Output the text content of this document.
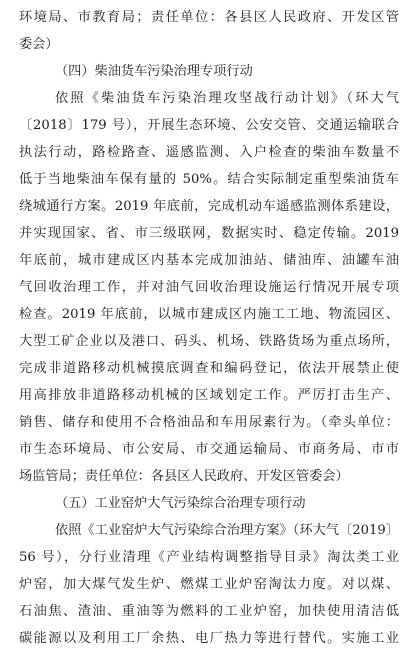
环境局、市教育局；责任单位：各县区人民政府、开发区管
委会）
（四）柴油货车污染治理专项行动
依照《柴油货车污染治理攻坚战行动计划》（环大气
〔2018〕179 号），开展生态环境、公安交管、交通运输联合
执法行动，路检路查、遥感监测、入户检查的柴油车数量不
低于当地柴油车保有量的 50%。结合实际制定重型柴油货车
绕城通行方案。2019 年底前，完成机动车遥感监测体系建设，
并实现国家、省、市三级联网，数据实时、稳定传输。2019
年底前，城市建成区内基本完成加油站、储油库、油罐车油
气回收治理工作，并对油气回收治理设施运行情况开展专项
检查。2019 年底前，以城市建成区内施工工地、物流园区、
大型工矿企业以及港口、码头、机场、铁路货场为重点场所，
完成非道路移动机械摸底调查和编码登记，依法开展禁止使
用高排放非道路移动机械的区域划定工作。严厉打击生产、
销售、储存和使用不合格油品和车用尿素行为。（牵头单位：
市生态环境局、市公安局、市交通运输局、市商务局、市市
场监管局；责任单位：各县区人民政府、开发区管委会）
（五）工业窑炉大气污染综合治理专项行动
依照《工业窑炉大气污染综合治理方案》（环大气〔2019〕
56 号），分行业清理《产业结构调整指导目录》淘汰类工业
炉窑，加大煤气发生炉、燃煤工业炉窑淘汰力度。对以煤、
石油焦、渣油、重油等为燃料的工业炉窑，加快使用清洁低
碳能源以及利用工厂余热、电厂热力等进行替代。实施工业
